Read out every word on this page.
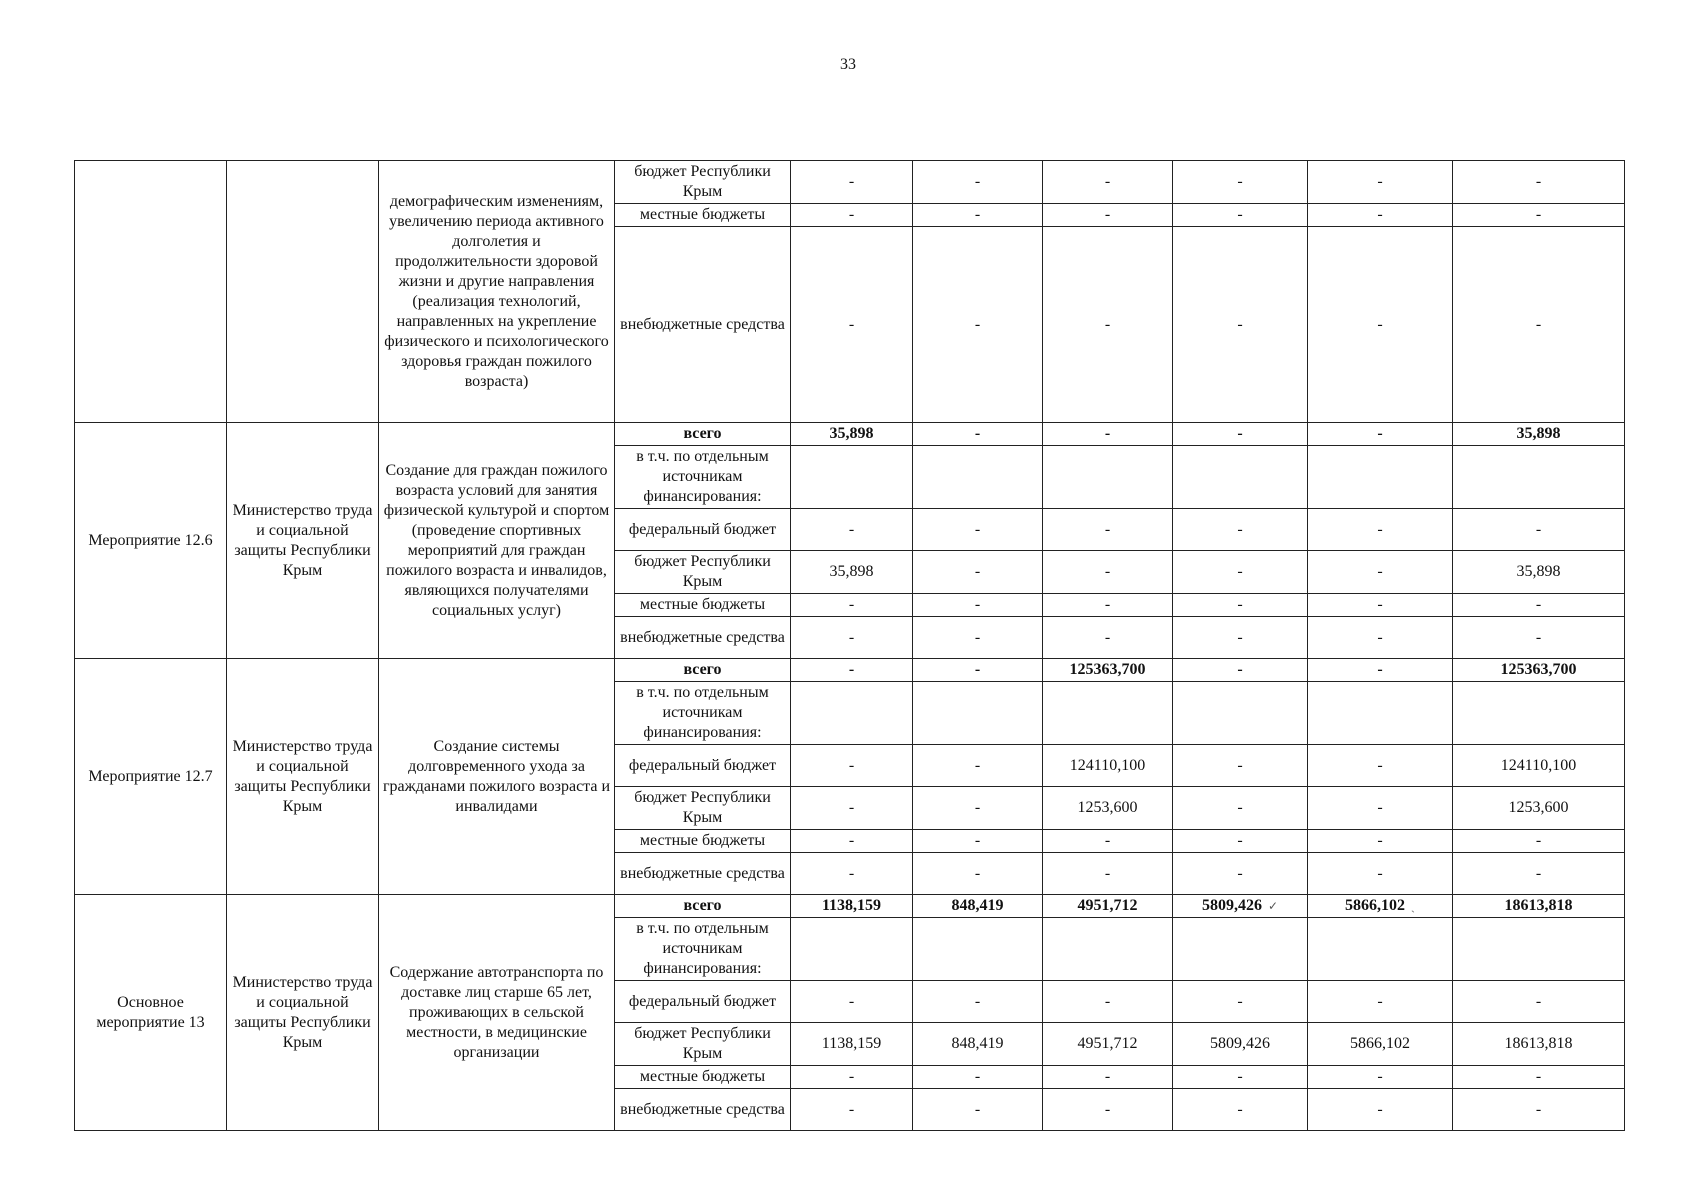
33
		демографическим изменениям, увеличению периода активного долголетия и продолжительности здоровой жизни и другие направления (реализация технологий, направленных на укрепление физического и психологического здоровья граждан пожилого возраста)	бюджет Республики Крым	-	-	-	-	-	-
			местные бюджеты	-	-	-	-	-	-
			внебюджетные средства	-	-	-	-	-	-
Мероприятие 12.6	Министерство труда и социальной защиты Республики Крым	Создание для граждан пожилого возраста условий для занятия физической культурой и спортом (проведение спортивных мероприятий для граждан пожилого возраста и инвалидов, являющихся получателями социальных услуг)	всего	35,898	-	-	-	-	35,898
			в т.ч. по отдельным источникам финансирования:						
			федеральный бюджет	-	-	-	-	-	-
			бюджет Республики Крым	35,898	-	-	-	-	35,898
			местные бюджеты	-	-	-	-	-	-
			внебюджетные средства	-	-	-	-	-	-
Мероприятие 12.7	Министерство труда и социальной защиты Республики Крым	Создание системы долговременного ухода за гражданами пожилого возраста и инвалидами	всего	-	-	125363,700	-	-	125363,700
			в т.ч. по отдельным источникам финансирования:						
			федеральный бюджет	-	-	124110,100	-	-	124110,100
			бюджет Республики Крым	-	-	1253,600	-	-	1253,600
			местные бюджеты	-	-	-	-	-	-
			внебюджетные средства	-	-	-	-	-	-
Основное мероприятие 13	Министерство труда и социальной защиты Республики Крым	Содержание автотранспорта по доставке лиц старше 65 лет, проживающих в сельской местности, в медицинские организации	всего	1138,159	848,419	4951,712	5809,426 ✓	5866,102 ˎ	18613,818
			в т.ч. по отдельным источникам финансирования:						
			федеральный бюджет	-	-	-	-	-	-
			бюджет Республики Крым	1138,159	848,419	4951,712	5809,426	5866,102	18613,818
			местные бюджеты	-	-	-	-	-	-
			внебюджетные средства	-	-	-	-	-	-
